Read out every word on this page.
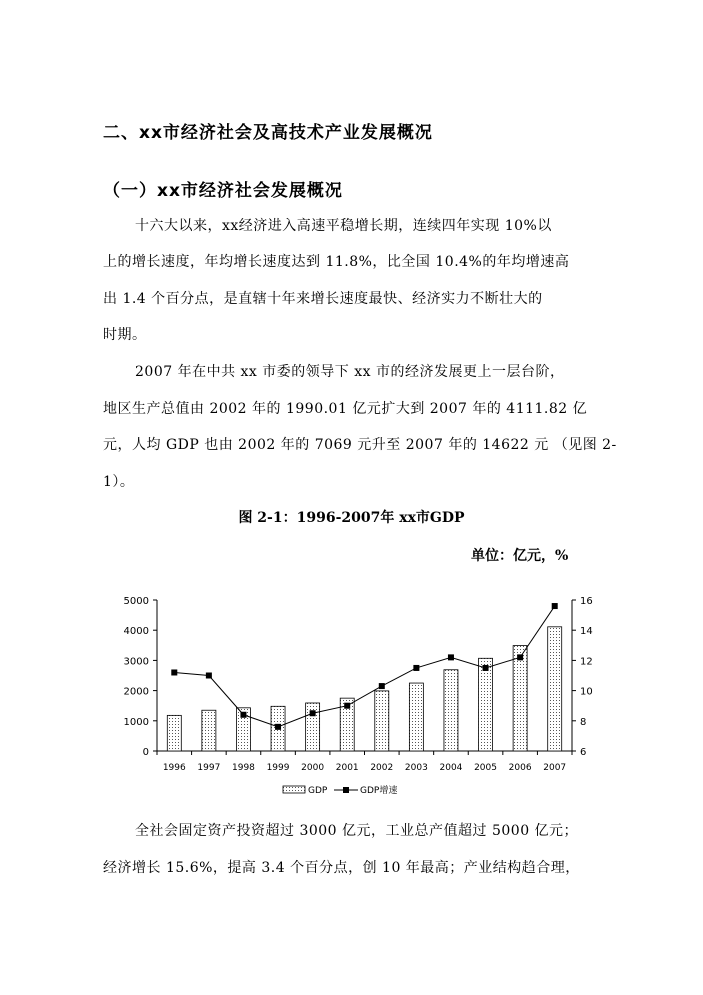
二、xx市经济社会及高技术产业发展概况
（一）xx市经济社会发展概况
十六大以来，xx经济进入高速平稳增长期，连续四年实现 10%以
上的增长速度，年均增长速度达到 11.8%，比全国 10.4%的年均增速高
出 1.4 个百分点，是直辖十年来增长速度最快、经济实力不断壮大的
时期。
2007 年在中共 xx 市委的领导下 xx 市的经济发展更上一层台阶，
地区生产总值由 2002 年的 1990.01 亿元扩大到 2007 年的 4111.82 亿
元，人均 GDP 也由 2002 年的 7069 元升至 2007 年的 14622 元 （见图 2-
1）。
图 2-1：1996-2007年 xx市GDP
单位：亿元，%
0
1000
2000
3000
4000
5000
6
8
10
12
14
16
1996 1997 1998 1999 2000 2001 2002 2003 2004 2005 2006 2007
GDP	GDP增速
全社会固定资产投资超过 3000 亿元，工业总产值超过 5000 亿元；
经济增长 15.6%，提高 3.4 个百分点，创 10 年最高；产业结构趋合理，
